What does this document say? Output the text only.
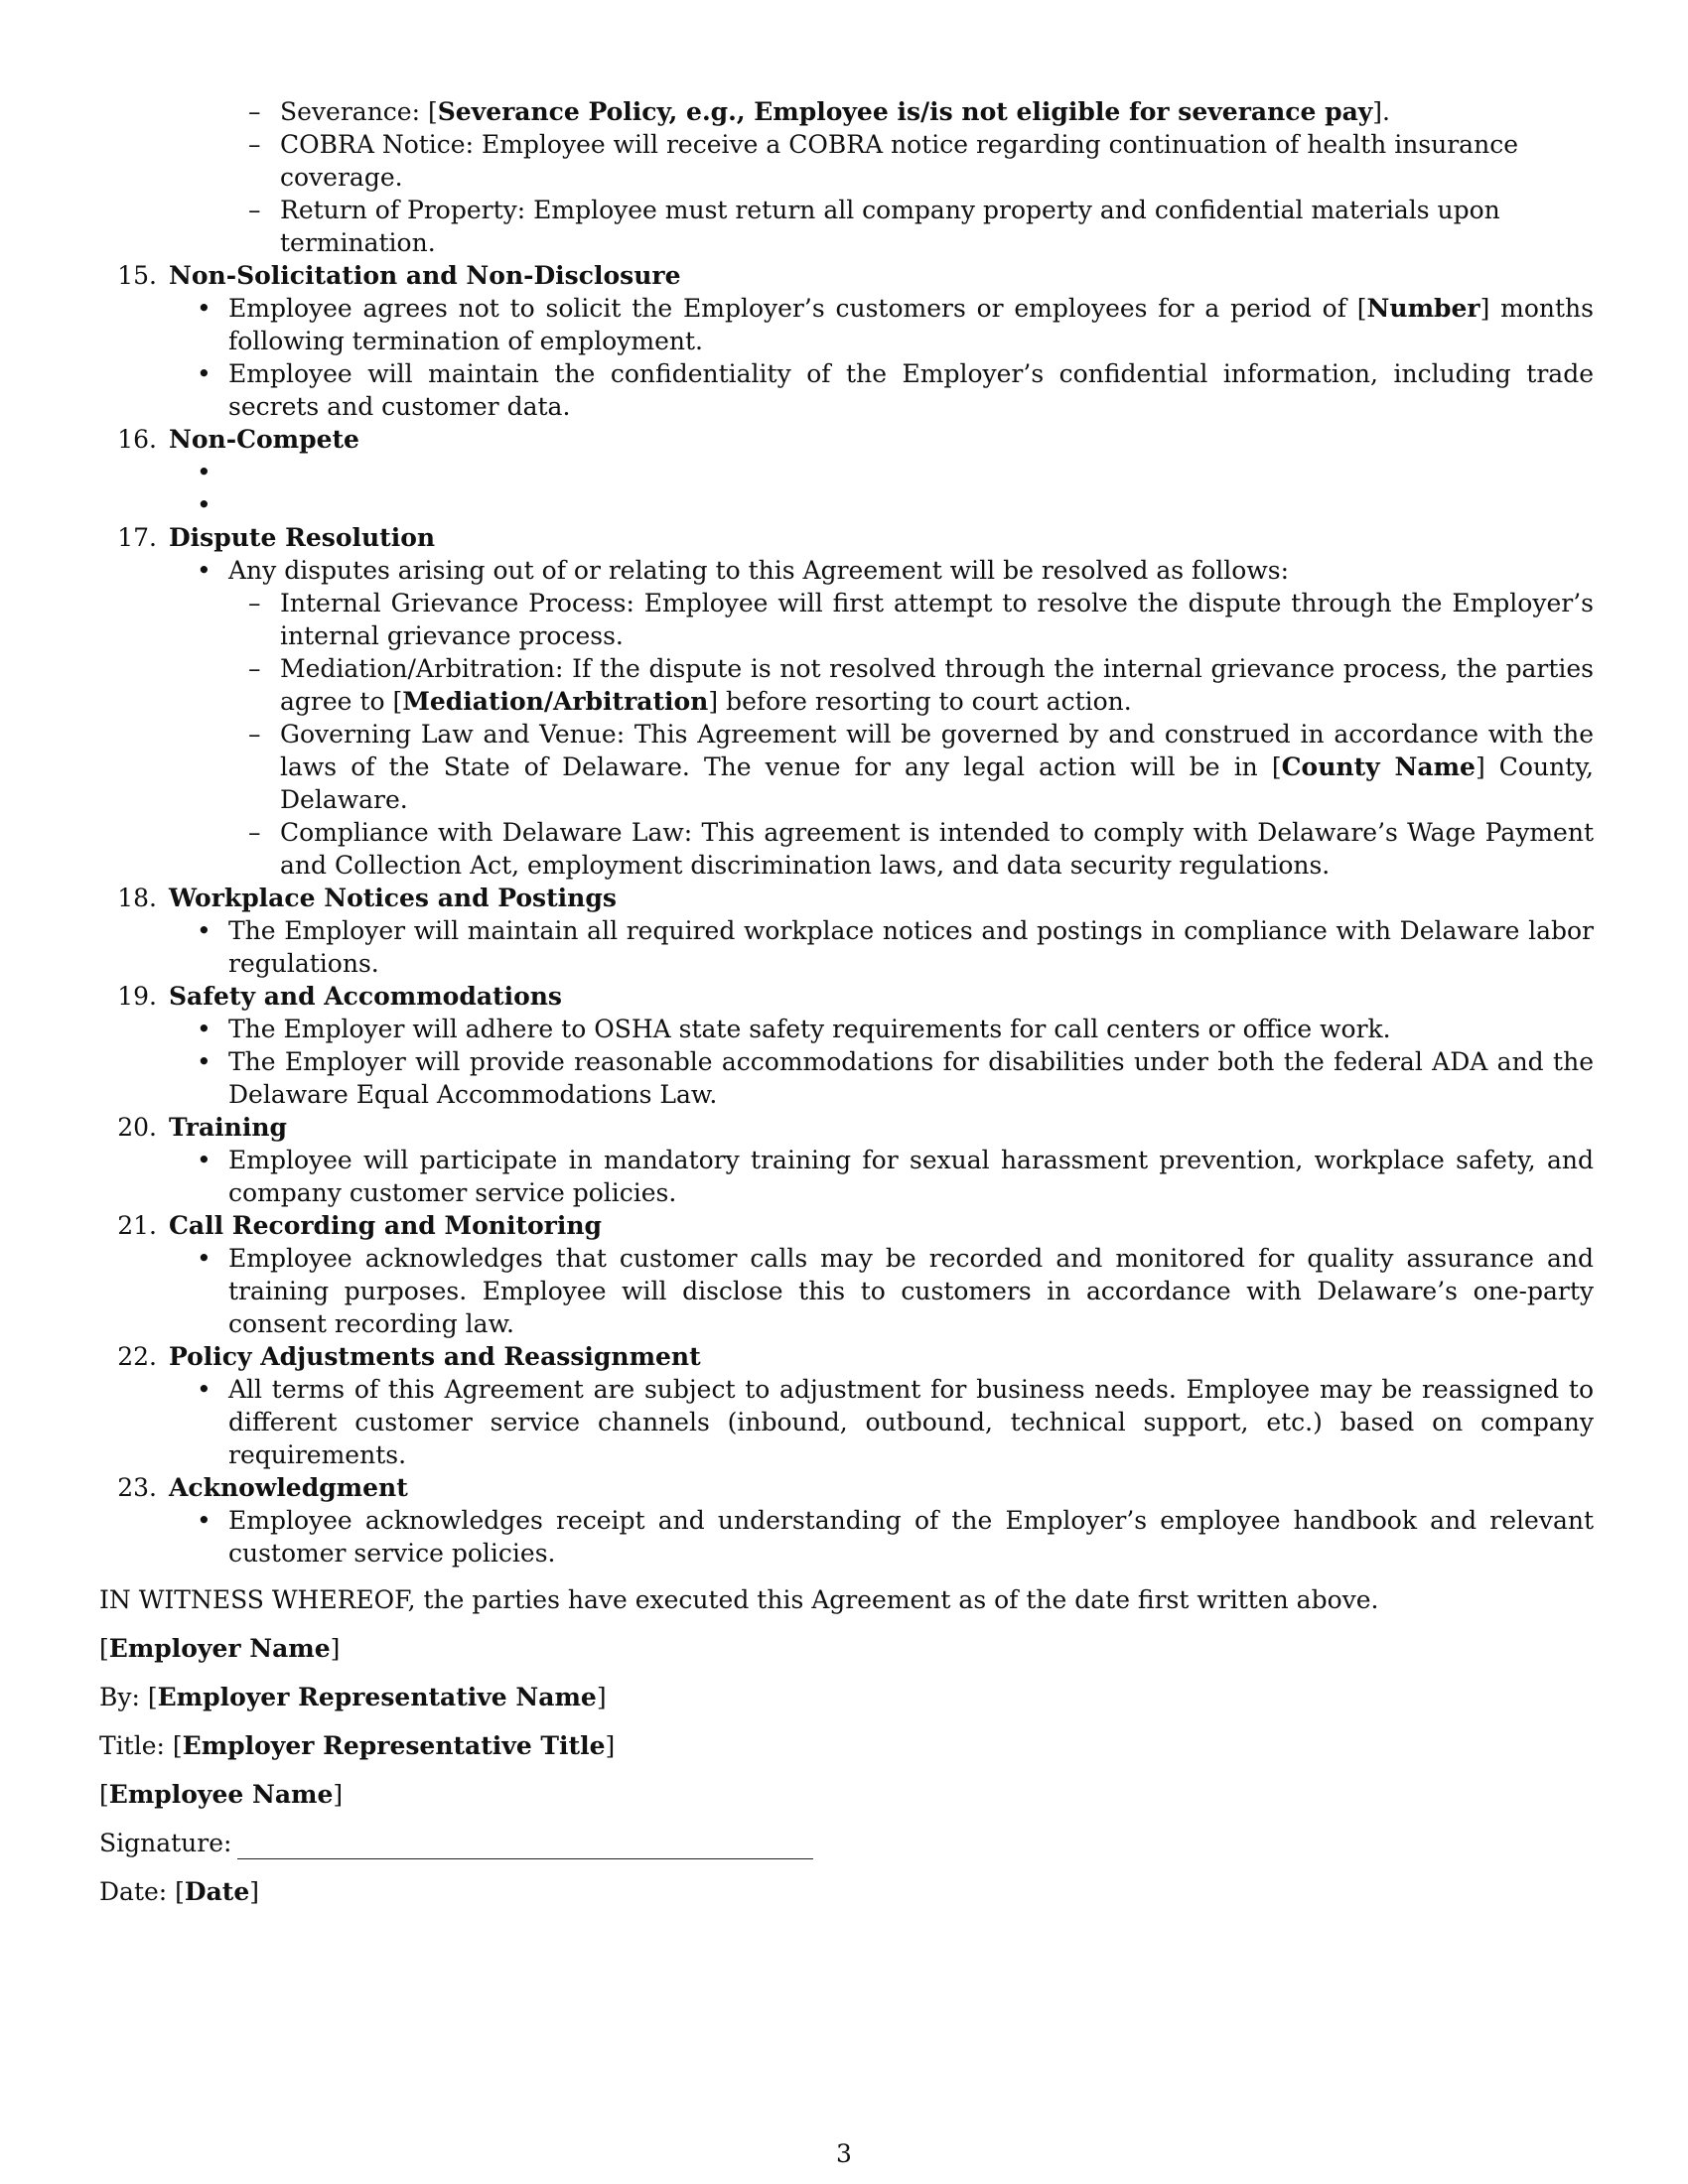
– Severance: [Severance Policy, e.g., Employee is/is not eligible for severance pay].
– COBRA Notice: Employee will receive a COBRA notice regarding continuation of health insurance coverage.
– Return of Property: Employee must return all company property and confidential materials upon termination.
15. Non-Solicitation and Non-Disclosure
• Employee agrees not to solicit the Employer’s customers or employees for a period of [Number] months following termination of employment.
• Employee will maintain the confidentiality of the Employer’s confidential information, including trade secrets and customer data.
16. Non-Compete
•

•

17. Dispute Resolution
• Any disputes arising out of or relating to this Agreement will be resolved as follows:
– Internal Grievance Process: Employee will first attempt to resolve the dispute through the Employer’s internal grievance process.
– Mediation/Arbitration: If the dispute is not resolved through the internal grievance process, the parties agree to [Mediation/Arbitration] before resorting to court action.
– Governing Law and Venue: This Agreement will be governed by and construed in accordance with the laws of the State of Delaware. The venue for any legal action will be in [County Name] County, Delaware.
– Compliance with Delaware Law: This agreement is intended to comply with Delaware’s Wage Payment and Collection Act, employment discrimination laws, and data security regulations.
18. Workplace Notices and Postings
• The Employer will maintain all required workplace notices and postings in compliance with Delaware labor regulations.
19. Safety and Accommodations
• The Employer will adhere to OSHA state safety requirements for call centers or office work.
• The Employer will provide reasonable accommodations for disabilities under both the federal ADA and the Delaware Equal Accommodations Law.
20. Training
• Employee will participate in mandatory training for sexual harassment prevention, workplace safety, and company customer service policies.
21. Call Recording and Monitoring
• Employee acknowledges that customer calls may be recorded and monitored for quality assurance and training purposes. Employee will disclose this to customers in accordance with Delaware’s one-party consent recording law.
22. Policy Adjustments and Reassignment
• All terms of this Agreement are subject to adjustment for business needs. Employee may be reassigned to different customer service channels (inbound, outbound, technical support, etc.) based on company requirements.
23. Acknowledgment
• Employee acknowledges receipt and understanding of the Employer’s employee handbook and relevant customer service policies.
IN WITNESS WHEREOF, the parties have executed this Agreement as of the date first written above.
[Employer Name]
By: [Employer Representative Name]
Title: [Employer Representative Title]
[Employee Name]
Signature:
Date: [Date]
3
